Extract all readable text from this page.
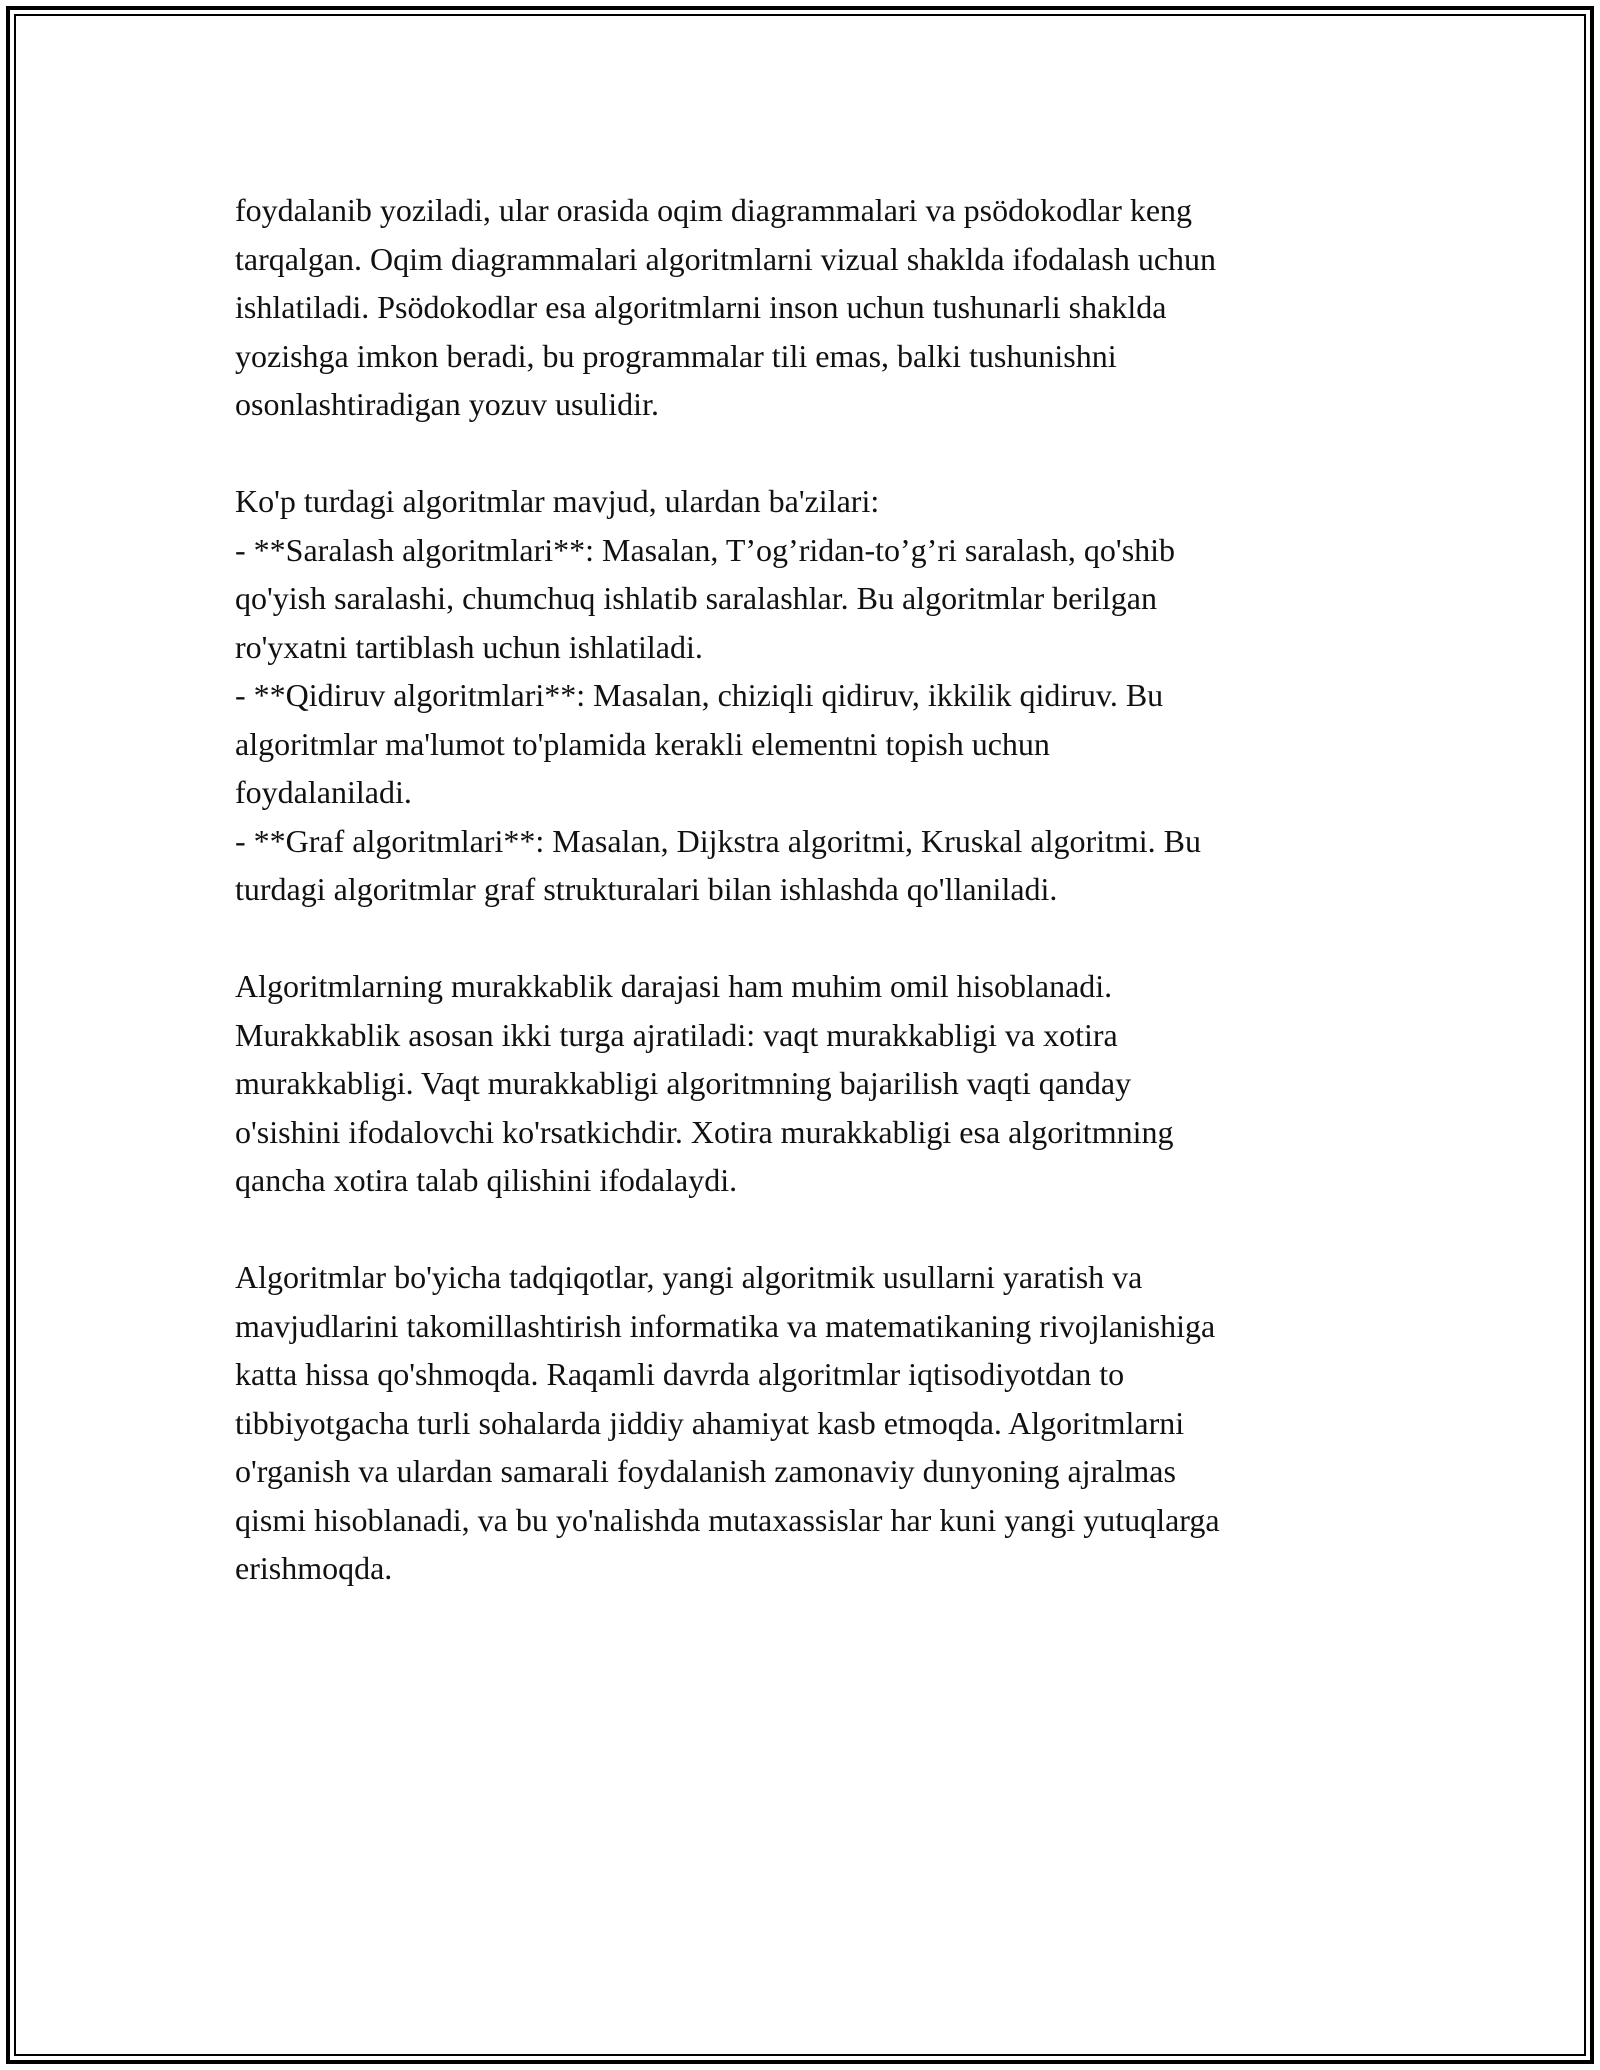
foydalanib yoziladi, ular orasida oqim diagrammalari va psödokodlar keng
tarqalgan. Oqim diagrammalari algoritmlarni vizual shaklda ifodalash uchun
ishlatiladi. Psödokodlar esa algoritmlarni inson uchun tushunarli shaklda
yozishga imkon beradi, bu programmalar tili emas, balki tushunishni
osonlashtiradigan yozuv usulidir.
Ko'p turdagi algoritmlar mavjud, ulardan ba'zilari:
- **Saralash algoritmlari**: Masalan, T’og’ridan-to’g’ri saralash, qo'shib
qo'yish saralashi, chumchuq ishlatib saralashlar. Bu algoritmlar berilgan
ro'yxatni tartiblash uchun ishlatiladi.
- **Qidiruv algoritmlari**: Masalan, chiziqli qidiruv, ikkilik qidiruv. Bu
algoritmlar ma'lumot to'plamida kerakli elementni topish uchun
foydalaniladi.
- **Graf algoritmlari**: Masalan, Dijkstra algoritmi, Kruskal algoritmi. Bu
turdagi algoritmlar graf strukturalari bilan ishlashda qo'llaniladi.
Algoritmlarning murakkablik darajasi ham muhim omil hisoblanadi.
Murakkablik asosan ikki turga ajratiladi: vaqt murakkabligi va xotira
murakkabligi. Vaqt murakkabligi algoritmning bajarilish vaqti qanday
o'sishini ifodalovchi ko'rsatkichdir. Xotira murakkabligi esa algoritmning
qancha xotira talab qilishini ifodalaydi.
Algoritmlar bo'yicha tadqiqotlar, yangi algoritmik usullarni yaratish va
mavjudlarini takomillashtirish informatika va matematikaning rivojlanishiga
katta hissa qo'shmoqda. Raqamli davrda algoritmlar iqtisodiyotdan to
tibbiyotgacha turli sohalarda jiddiy ahamiyat kasb etmoqda. Algoritmlarni
o'rganish va ulardan samarali foydalanish zamonaviy dunyoning ajralmas
qismi hisoblanadi, va bu yo'nalishda mutaxassislar har kuni yangi yutuqlarga
erishmoqda.
